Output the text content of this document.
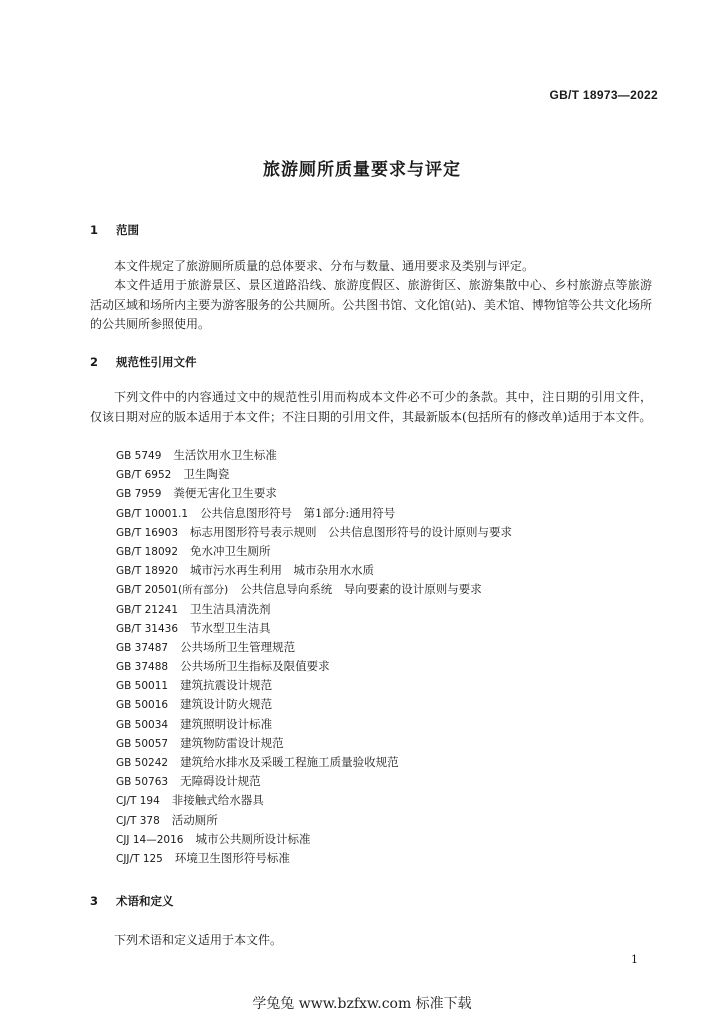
GB/T 18973—2022
旅游厕所质量要求与评定
1 范围
本文件规定了旅游厕所质量的总体要求、分布与数量、通用要求及类别与评定。
本文件适用于旅游景区、景区道路沿线、旅游度假区、旅游街区、旅游集散中心、乡村旅游点等旅游活动区域和场所内主要为游客服务的公共厕所。公共图书馆、文化馆(站)、美术馆、博物馆等公共文化场所的公共厕所参照使用。
2 规范性引用文件
下列文件中的内容通过文中的规范性引用而构成本文件必不可少的条款。其中，注日期的引用文件，仅该日期对应的版本适用于本文件；不注日期的引用文件，其最新版本(包括所有的修改单)适用于本文件。
GB 5749 生活饮用水卫生标准
GB/T 6952 卫生陶瓷
GB 7959 粪便无害化卫生要求
GB/T 10001.1 公共信息图形符号　第1部分:通用符号
GB/T 16903 标志用图形符号表示规则　公共信息图形符号的设计原则与要求
GB/T 18092 免水冲卫生厕所
GB/T 18920 城市污水再生利用　城市杂用水水质
GB/T 20501(所有部分) 公共信息导向系统　导向要素的设计原则与要求
GB/T 21241 卫生洁具清洗剂
GB/T 31436 节水型卫生洁具
GB 37487 公共场所卫生管理规范
GB 37488 公共场所卫生指标及限值要求
GB 50011 建筑抗震设计规范
GB 50016 建筑设计防火规范
GB 50034 建筑照明设计标准
GB 50057 建筑物防雷设计规范
GB 50242 建筑给水排水及采暖工程施工质量验收规范
GB 50763 无障碍设计规范
CJ/T 194 非接触式给水器具
CJ/T 378 活动厕所
CJJ 14—2016 城市公共厕所设计标准
CJJ/T 125 环境卫生图形符号标准
3 术语和定义
下列术语和定义适用于本文件。
1
学兔兔 www.bzfxw.com 标准下载
